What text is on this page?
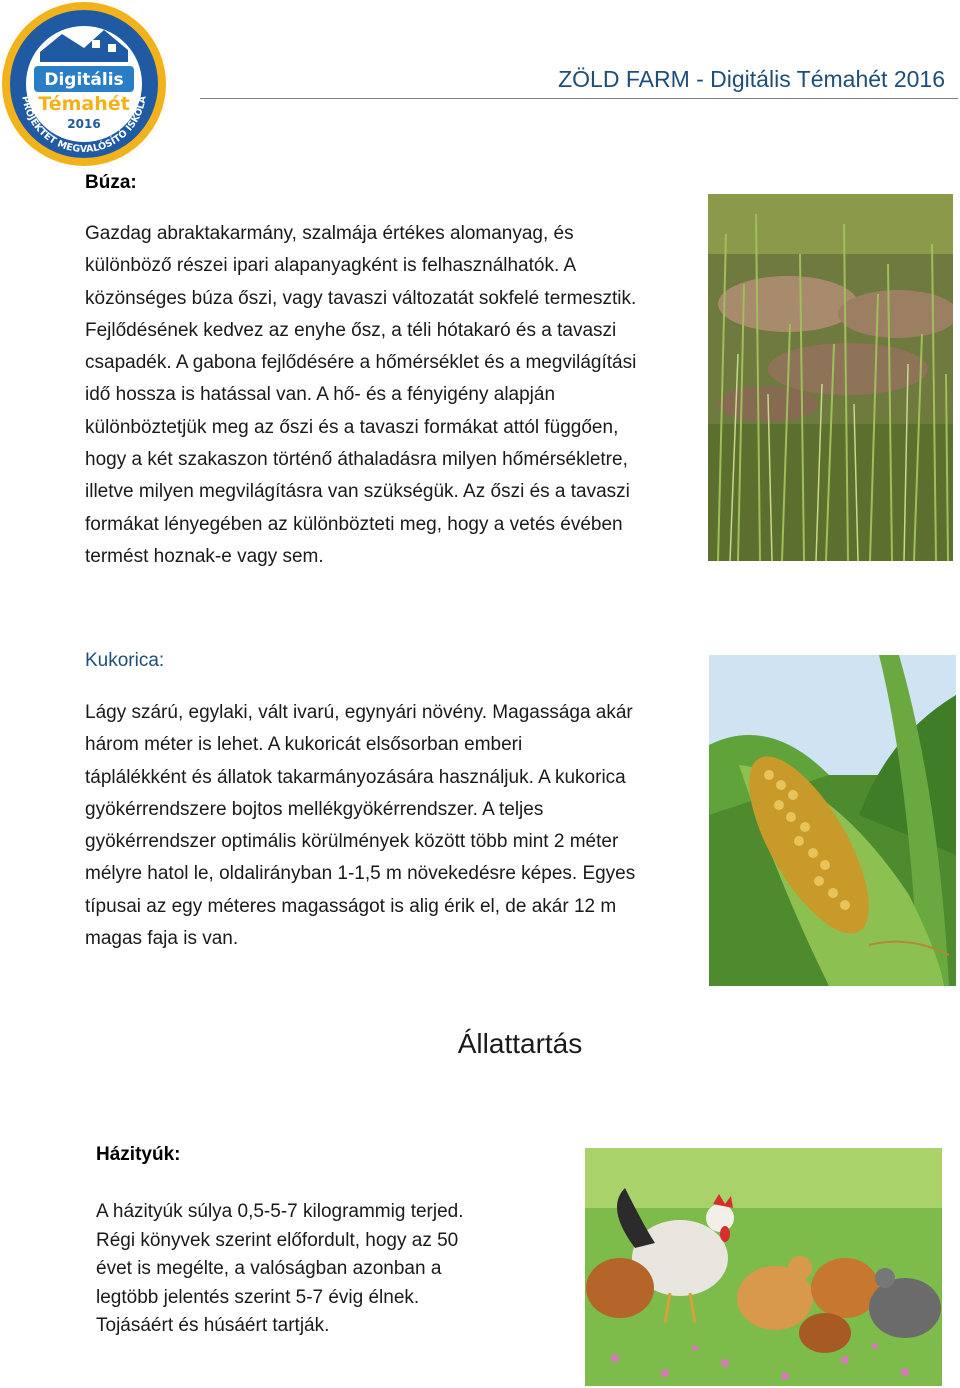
Digitális
Témahét
2016
PROJEKTET MEGVALÓSÍTÓ ISKOLA
ZÖLD FARM - Digitális Témahét 2016
Búza:
Gazdag abraktakarmány, szalmája értékes alomanyag, és
különböző részei ipari alapanyagként is felhasználhatók. A
közönséges búza őszi, vagy tavaszi változatát sokfelé termesztik.
Fejlődésének kedvez az enyhe ősz, a téli hótakaró és a tavaszi
csapadék. A gabona fejlődésére a hőmérséklet és a megvilágítási
idő hossza is hatással van. A hő- és a fényigény alapján
különböztetjük meg az őszi és a tavaszi formákat attól függően,
hogy a két szakaszon történő áthaladásra milyen hőmérsékletre,
illetve milyen megvilágításra van szükségük. Az őszi és a tavaszi
formákat lényegében az különbözteti meg, hogy a vetés évében
termést hoznak-e vagy sem.
Kukorica:
Lágy szárú, egylaki, vált ivarú, egynyári növény. Magassága akár
három méter is lehet. A kukoricát elsősorban emberi
táplálékként és állatok takarmányozására használjuk. A kukorica
gyökérrendszere bojtos mellékgyökérrendszer. A teljes
gyökérrendszer optimális körülmények között több mint 2 méter
mélyre hatol le, oldalirányban 1-1,5 m növekedésre képes. Egyes
típusai az egy méteres magasságot is alig érik el, de akár 12 m
magas faja is van.
Állattartás
Házityúk:
A házityúk súlya 0,5-5-7 kilogrammig terjed.
Régi könyvek szerint előfordult, hogy az 50
évet is megélte, a valóságban azonban a
legtöbb jelentés szerint 5-7 évig élnek.
Tojásáért és húsáért tartják.
